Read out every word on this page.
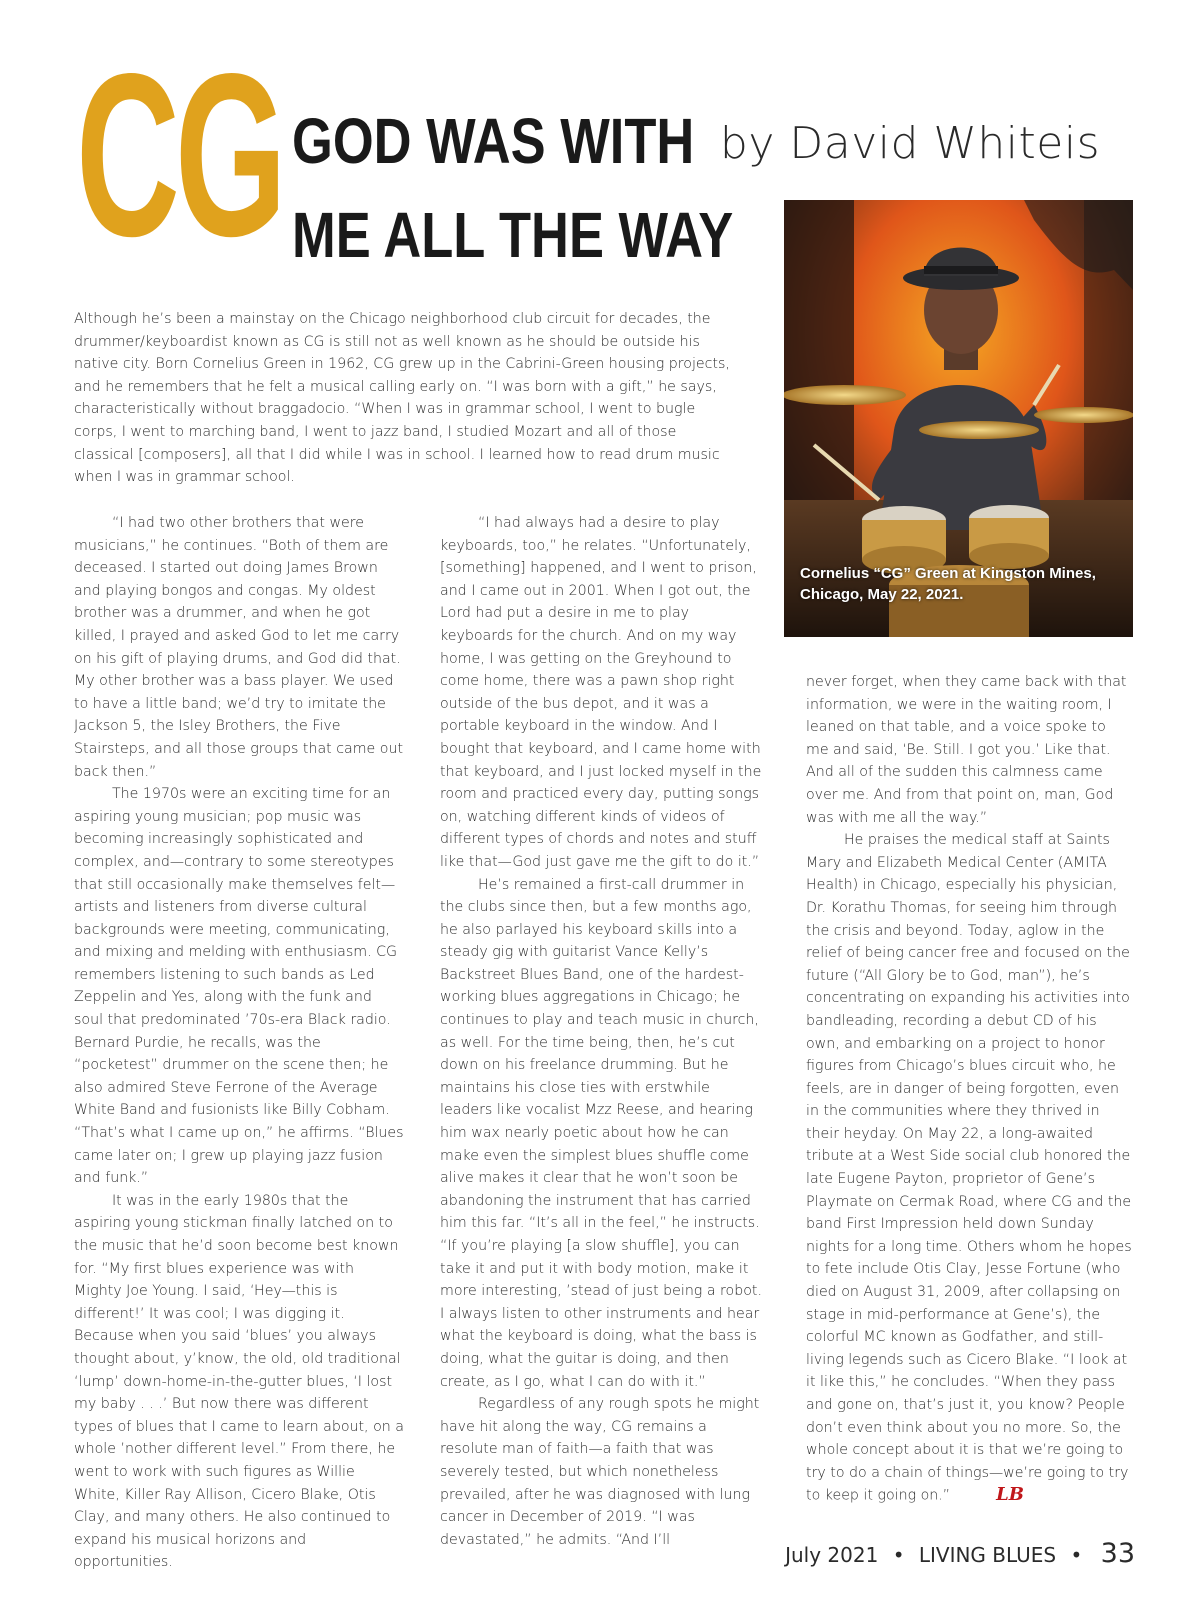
CG GOD WAS WITH
ME ALL THE WAY
by David Whiteis
Cornelius “CG” Green at Kingston Mines, Chicago, May 22, 2021.
Although he’s been a mainstay on the Chicago neighborhood club circuit for decades, the drummer/keyboardist known as CG is still not as well known as he should be outside his native city. Born Cornelius Green in 1962, CG grew up in the Cabrini-Green housing projects, and he remembers that he felt a musical calling early on. “I was born with a gift,” he says, characteristically without braggadocio. “When I was in grammar school, I went to bugle corps, I went to marching band, I went to jazz band, I studied Mozart and all of those classical [composers], all that I did while I was in school. I learned how to read drum music when I was in grammar school.

“I had two other brothers that were musicians,” he continues. “Both of them are deceased. I started out doing James Brown and playing bongos and congas. My oldest brother was a drummer, and when he got killed, I prayed and asked God to let me carry on his gift of playing drums, and God did that. My other brother was a bass player. We used to have a little band; we’d try to imitate the Jackson 5, the Isley Brothers, the Five Stairsteps, and all those groups that came out back then.”

The 1970s were an exciting time for an aspiring young musician; pop music was becoming increasingly sophisticated and complex, and—contrary to some stereotypes that still occasionally make themselves felt—artists and listeners from diverse cultural backgrounds were meeting, communicating, and mixing and melding with enthusiasm. CG remembers listening to such bands as Led Zeppelin and Yes, along with the funk and soul that predominated ’70s-era Black radio. Bernard Purdie, he recalls, was the “pocketest” drummer on the scene then; he also admired Steve Ferrone of the Average White Band and fusionists like Billy Cobham. “That’s what I came up on,” he affirms. “Blues came later on; I grew up playing jazz fusion and funk.”

It was in the early 1980s that the aspiring young stickman finally latched on to the music that he’d soon become best known for. “My first blues experience was with Mighty Joe Young. I said, ‘Hey—this is different!’ It was cool; I was digging it. Because when you said ‘blues’ you always thought about, y’know, the old, old traditional ‘lump’ down-home-in-the-gutter blues, ‘I lost my baby . . .’ But now there was different types of blues that I came to learn about, on a whole ’nother different level.” From there, he went to work with such figures as Willie White, Killer Ray Allison, Cicero Blake, Otis Clay, and many others. He also continued to expand his musical horizons and opportunities.

“I had always had a desire to play keyboards, too,” he relates. “Unfortunately, [something] happened, and I went to prison, and I came out in 2001. When I got out, the Lord had put a desire in me to play keyboards for the church. And on my way home, I was getting on the Greyhound to come home, there was a pawn shop right outside of the bus depot, and it was a portable keyboard in the window. And I bought that keyboard, and I came home with that keyboard, and I just locked myself in the room and practiced every day, putting songs on, watching different kinds of videos of different types of chords and notes and stuff like that—God just gave me the gift to do it.”

He’s remained a first-call drummer in the clubs since then, but a few months ago, he also parlayed his keyboard skills into a steady gig with guitarist Vance Kelly’s Backstreet Blues Band, one of the hardest-working blues aggregations in Chicago; he continues to play and teach music in church, as well. For the time being, then, he’s cut down on his freelance drumming. But he maintains his close ties with erstwhile leaders like vocalist Mzz Reese, and hearing him wax nearly poetic about how he can make even the simplest blues shuffle come alive makes it clear that he won’t soon be abandoning the instrument that has carried him this far. “It’s all in the feel,” he instructs. “If you’re playing [a slow shuffle], you can take it and put it with body motion, make it more interesting, ’stead of just being a robot. I always listen to other instruments and hear what the keyboard is doing, what the bass is doing, what the guitar is doing, and then create, as I go, what I can do with it.”

Regardless of any rough spots he might have hit along the way, CG remains a resolute man of faith—a faith that was severely tested, but which nonetheless prevailed, after he was diagnosed with lung cancer in December of 2019. “I was devastated,” he admits. “And I’ll

never forget, when they came back with that information, we were in the waiting room, I leaned on that table, and a voice spoke to me and said, ‘Be. Still. I got you.’ Like that. And all of the sudden this calmness came over me. And from that point on, man, God was with me all the way.”

He praises the medical staff at Saints Mary and Elizabeth Medical Center (AMITA Health) in Chicago, especially his physician, Dr. Korathu Thomas, for seeing him through the crisis and beyond. Today, aglow in the relief of being cancer free and focused on the future (“All Glory be to God, man”), he’s concentrating on expanding his activities into bandleading, recording a debut CD of his own, and embarking on a project to honor figures from Chicago’s blues circuit who, he feels, are in danger of being forgotten, even in the communities where they thrived in their heyday. On May 22, a long-awaited tribute at a West Side social club honored the late Eugene Payton, proprietor of Gene’s Playmate on Cermak Road, where CG and the band First Impression held down Sunday nights for a long time. Others whom he hopes to fete include Otis Clay, Jesse Fortune (who died on August 31, 2009, after collapsing on stage in mid-performance at Gene’s), the colorful MC known as Godfather, and still-living legends such as Cicero Blake. “I look at it like this,” he concludes. “When they pass and gone on, that’s just it, you know? People don’t even think about you no more. So, the whole concept about it is that we’re going to try to do a chain of things—we’re going to try to keep it going on.”	LB

July 2021 • LIVING BLUES • 33
